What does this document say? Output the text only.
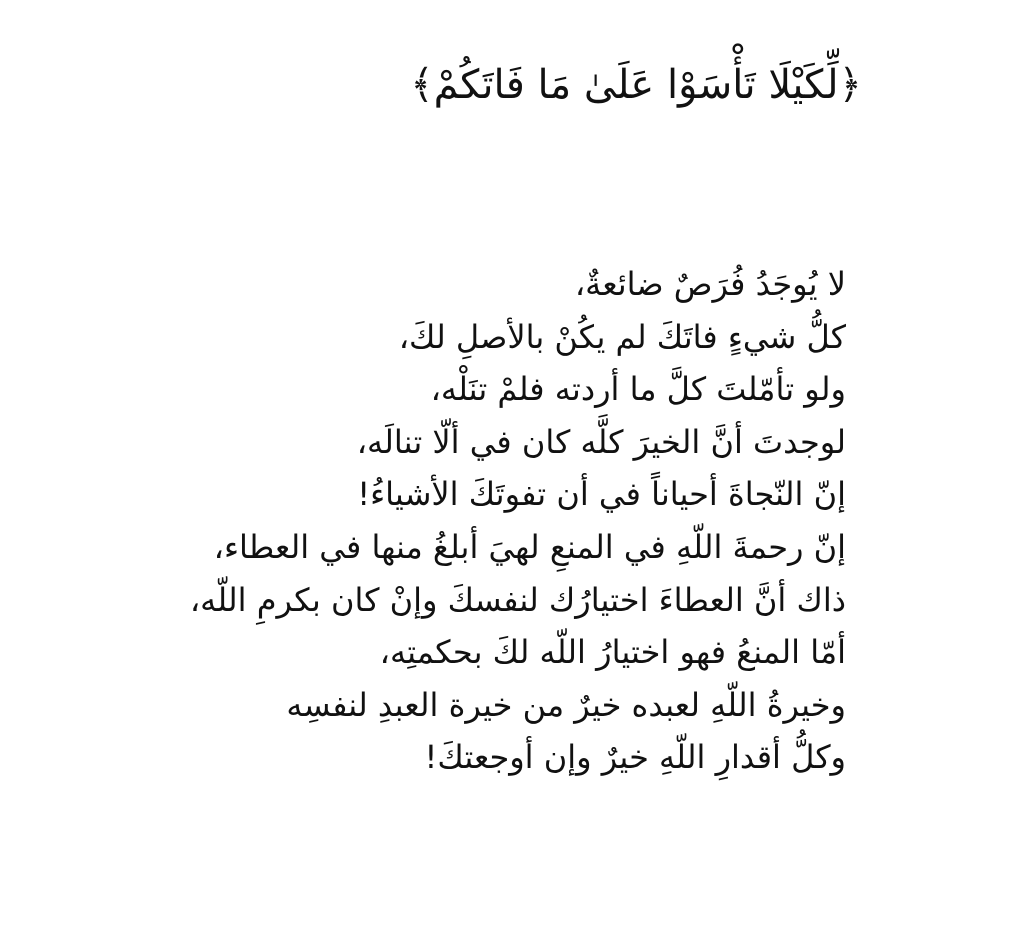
﴿لِّكَيْلَا تَأْسَوْا عَلَىٰ مَا فَاتَكُمْ﴾
لا يُوجَدُ فُرَصٌ ضائعةٌ،
كلُّ شيءٍ فاتَكَ لم يكُنْ بالأصلِ لكَ،
ولو تأمّلتَ كلَّ ما أردته فلمْ تنَلْه،
لوجدتَ أنَّ الخيرَ كلَّه كان في ألّا تنالَه،
إنّ النّجاةَ أحياناً في أن تفوتَكَ الأشياءُ!
إنّ رحمةَ اللّهِ في المنعِ لهيَ أبلغُ منها في العطاء،
ذاك أنَّ العطاءَ اختيارُك لنفسكَ وإنْ كان بكرمِ اللّه،
أمّا المنعُ فهو اختيارُ اللّه لكَ بحكمتِه،
وخيرةُ اللّهِ لعبده خيرٌ من خيرة العبدِ لنفسِه
وكلُّ أقدارِ اللّهِ خيرٌ وإن أوجعتكَ!
